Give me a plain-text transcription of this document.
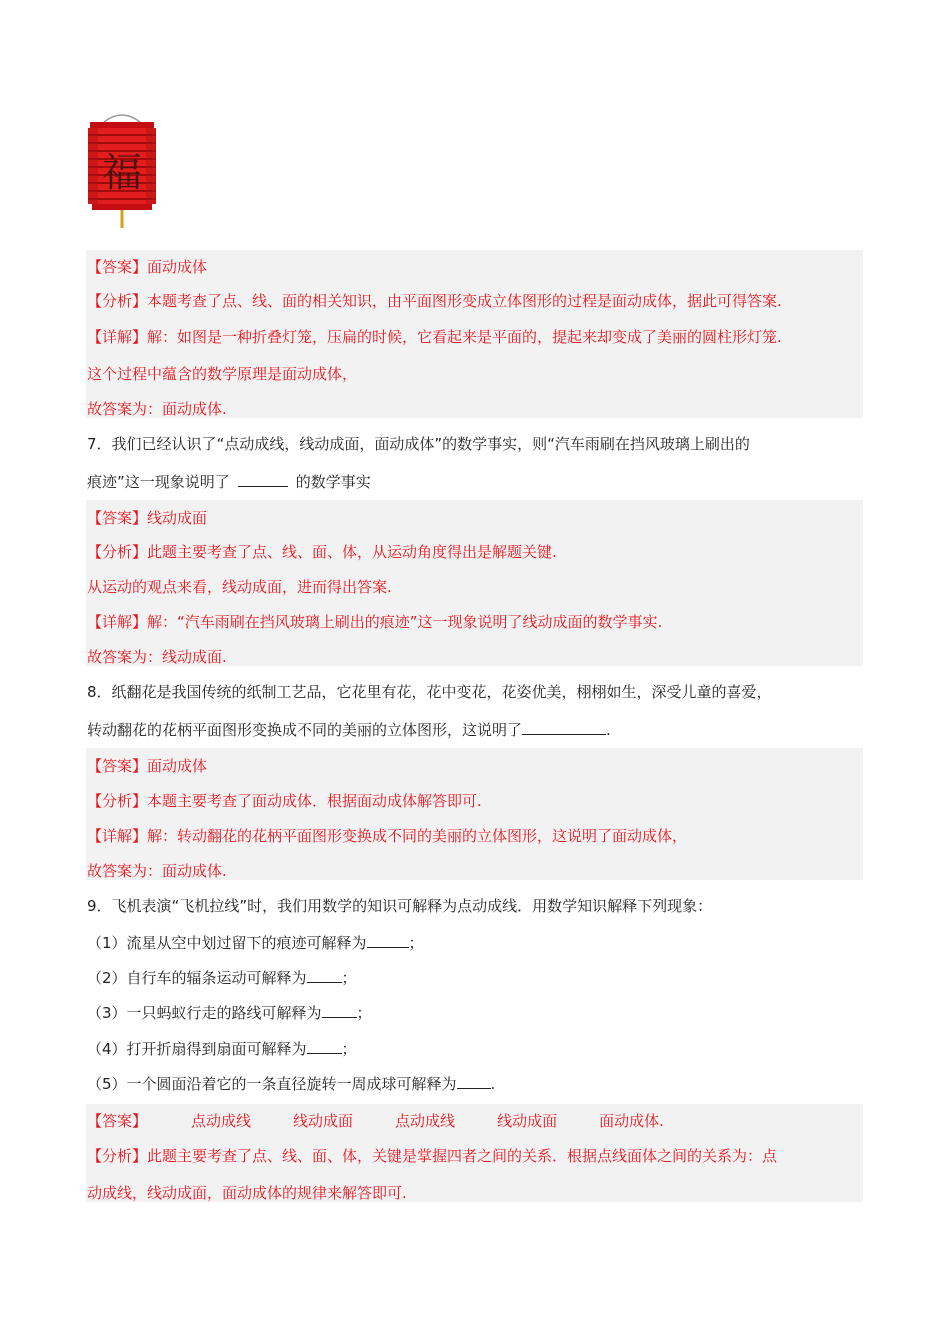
福
【答案】面动成体
【分析】本题考查了点、线、面的相关知识，由平面图形变成立体图形的过程是面动成体，据此可得答案.
【详解】解：如图是一种折叠灯笼，压扁的时候，它看起来是平面的，提起来却变成了美丽的圆柱形灯笼.
这个过程中蕴含的数学原理是面动成体，
故答案为：面动成体.
7．我们已经认识了“点动成线，线动成面，面动成体”的数学事实，则“汽车雨刷在挡风玻璃上刷出的
痕迹”这一现象说明了	的数学事实
【答案】线动成面
【分析】此题主要考查了点、线、面、体，从运动角度得出是解题关键.
从运动的观点来看，线动成面，进而得出答案.
【详解】解：“汽车雨刷在挡风玻璃上刷出的痕迹”这一现象说明了线动成面的数学事实.
故答案为：线动成面.
8．纸翻花是我国传统的纸制工艺品，它花里有花，花中变花，花姿优美，栩栩如生，深受儿童的喜爱，
转动翻花的花柄平面图形变换成不同的美丽的立体图形，这说明了	.
【答案】面动成体
【分析】本题主要考查了面动成体．根据面动成体解答即可.
【详解】解：转动翻花的花柄平面图形变换成不同的美丽的立体图形，这说明了面动成体，
故答案为：面动成体.
9．飞机表演“飞机拉线”时，我们用数学的知识可解释为点动成线．用数学知识解释下列现象：
（1）流星从空中划过留下的痕迹可解释为	；
（2）自行车的辐条运动可解释为 ；
（3）一只蚂蚁行走的路线可解释为 ；
（4）打开折扇得到扇面可解释为 ；
（5）一个圆面沿着它的一条直径旋转一周成球可解释为 .
【答案】	点动成线	线动成面	点动成线	线动成面	面动成体.
【分析】此题主要考查了点、线、面、体，关键是掌握四者之间的关系．根据点线面体之间的关系为：点
动成线，线动成面，面动成体的规律来解答即可.
